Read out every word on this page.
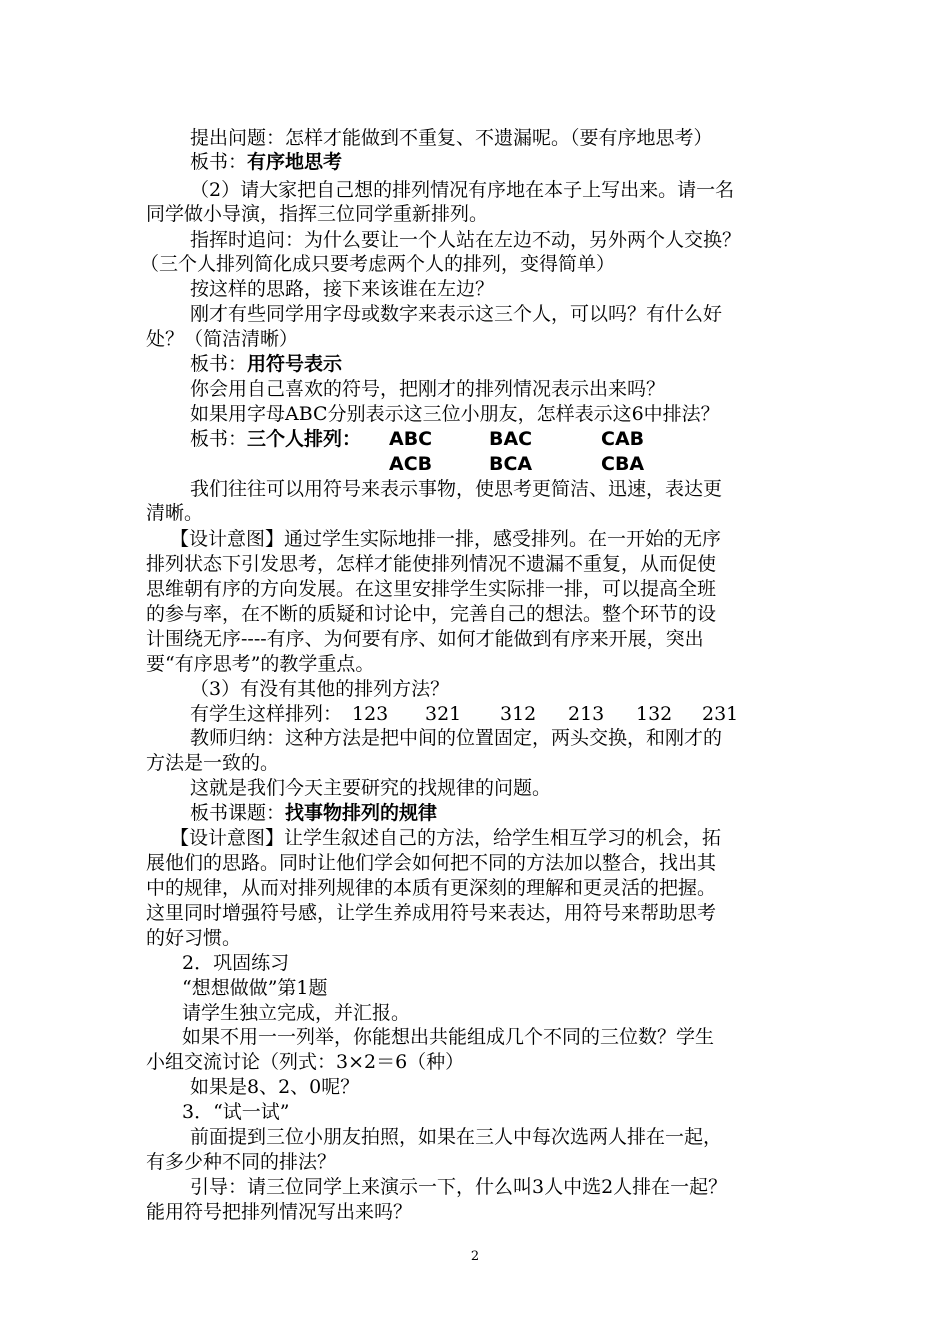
提出问题：怎样才能做到不重复、不遗漏呢。（要有序地思考）
板书：有序地思考
（2）请大家把自己想的排列情况有序地在本子上写出来。请一名
同学做小导演，指挥三位同学重新排列。
指挥时追问：为什么要让一个人站在左边不动，另外两个人交换？
（三个人排列简化成只要考虑两个人的排列，变得简单）
按这样的思路，接下来该谁在左边？
刚才有些同学用字母或数字来表示这三个人，可以吗？有什么好
处？（简洁清晰）
板书：用符号表示
你会用自己喜欢的符号，把刚才的排列情况表示出来吗？
如果用字母ABC分别表示这三位小朋友，怎样表示这6中排法？
板书：三个人排列： ABC	BAC	CAB
ACB	BCA	CBA
我们往往可以用符号来表示事物，使思考更简洁、迅速，表达更
清晰。
【设计意图】通过学生实际地排一排，感受排列。在一开始的无序
排列状态下引发思考，怎样才能使排列情况不遗漏不重复，从而促使
思维朝有序的方向发展。在这里安排学生实际排一排，可以提高全班
的参与率，在不断的质疑和讨论中，完善自己的想法。整个环节的设
计围绕无序----有序、为何要有序、如何才能做到有序来开展，突出
要“有序思考”的教学重点。
（3）有没有其他的排列方法？
有学生这样排列： 123 321 312 213 132 231
教师归纳：这种方法是把中间的位置固定，两头交换，和刚才的
方法是一致的。
这就是我们今天主要研究的找规律的问题。
板书课题：找事物排列的规律
【设计意图】让学生叙述自己的方法，给学生相互学习的机会，拓
展他们的思路。同时让他们学会如何把不同的方法加以整合，找出其
中的规律，从而对排列规律的本质有更深刻的理解和更灵活的把握。
这里同时增强符号感，让学生养成用符号来表达，用符号来帮助思考
的好习惯。
2．巩固练习
“想想做做”第1题
请学生独立完成，并汇报。
如果不用一一列举，你能想出共能组成几个不同的三位数？学生
小组交流讨论（列式：3×2＝6（种）
如果是8、2、0呢？
3．“试一试”
前面提到三位小朋友拍照，如果在三人中每次选两人排在一起，
有多少种不同的排法？
引导：请三位同学上来演示一下，什么叫3人中选2人排在一起？
能用符号把排列情况写出来吗？
2
